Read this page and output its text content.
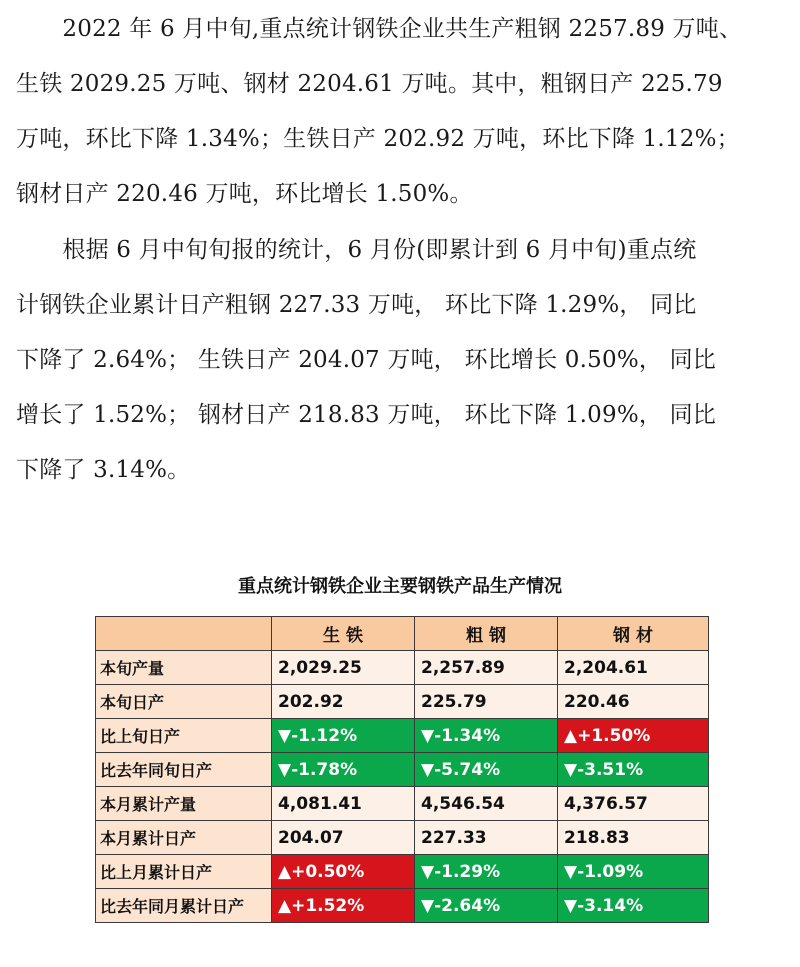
　　2022 年 6 月中旬,重点统计钢铁企业共生产粗钢 2257.89 万吨、
生铁 2029.25 万吨、钢材 2204.61 万吨。其中，粗钢日产 225.79
万吨，环比下降 1.34%；生铁日产 202.92 万吨，环比下降 1.12%；
钢材日产 220.46 万吨，环比增长 1.50%。

　　根据 6 月中旬旬报的统计，6 月份(即累计到 6 月中旬)重点统
计钢铁企业累计日产粗钢 227.33 万吨， 环比下降 1.29%， 同比
下降了 2.64%； 生铁日产 204.07 万吨， 环比增长 0.50%， 同比
增长了 1.52%； 钢材日产 218.83 万吨， 环比下降 1.09%， 同比
下降了 3.14%。

重点统计钢铁企业主要钢铁产品生产情况
	生 铁	粗 钢	钢 材
本旬产量	2,029.25	2,257.89	2,204.61
本旬日产	202.92	225.79	220.46
比上旬日产	▼-1.12%	▼-1.34%	▲+1.50%
比去年同旬日产	▼-1.78%	▼-5.74%	▼-3.51%
本月累计产量	4,081.41	4,546.54	4,376.57
本月累计日产	204.07	227.33	218.83
比上月累计日产	▲+0.50%	▼-1.29%	▼-1.09%
比去年同月累计日产	▲+1.52%	▼-2.64%	▼-3.14%
